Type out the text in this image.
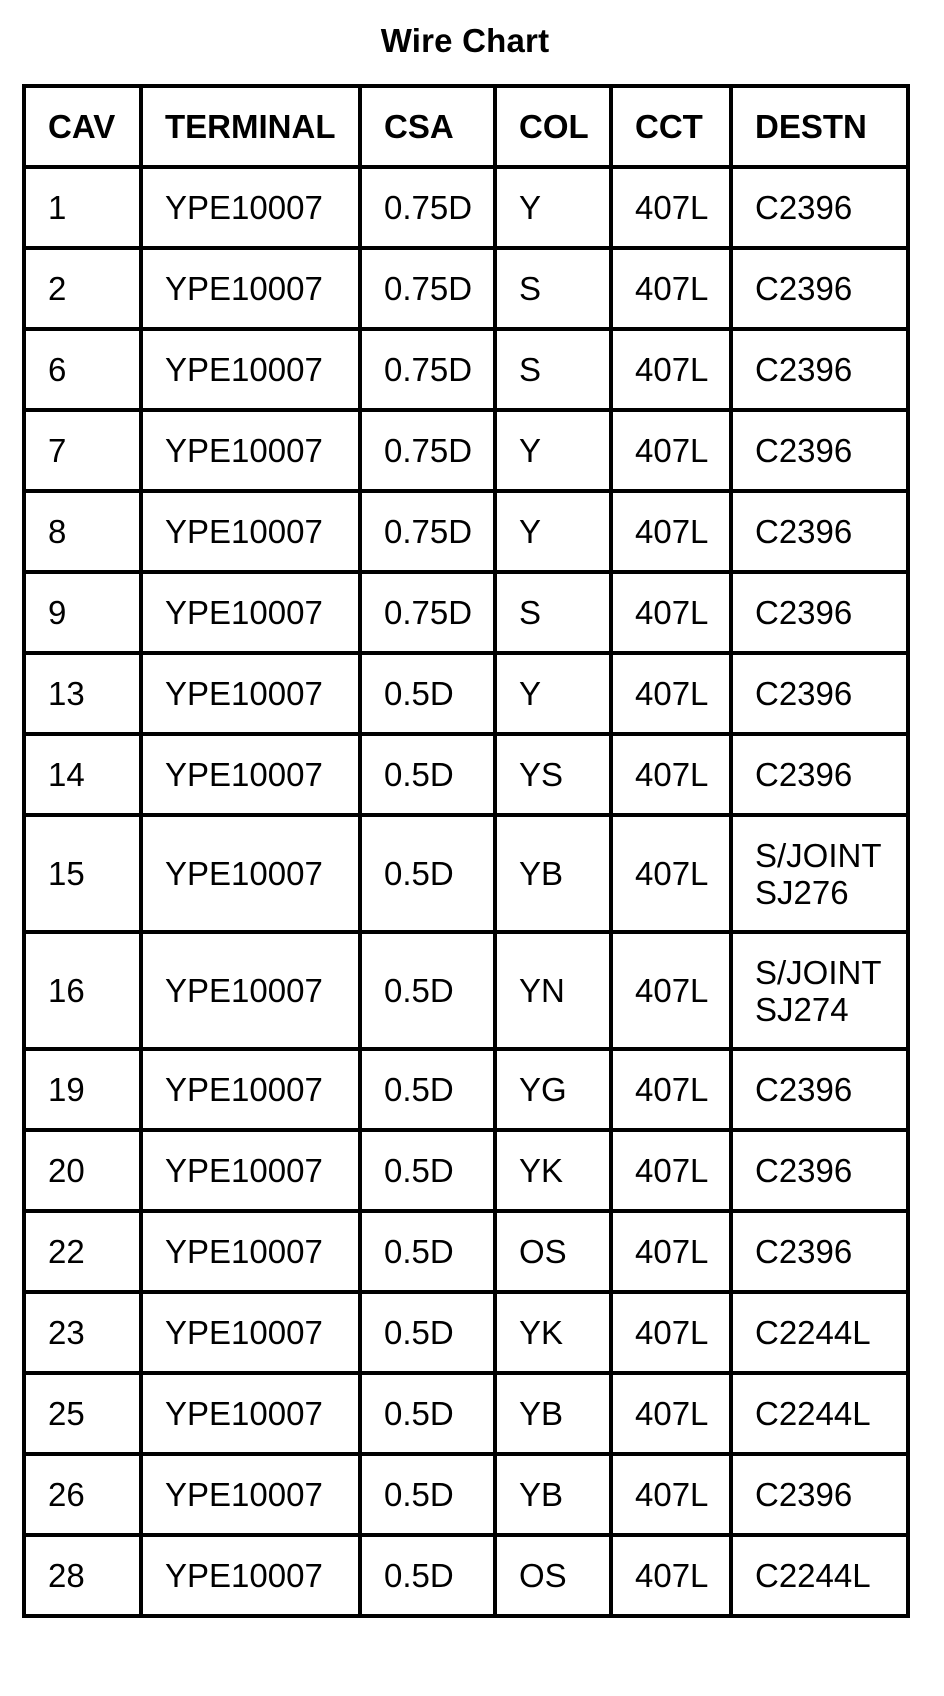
Wire Chart
CAV	TERMINAL	CSA	COL	CCT	DESTN
1	YPE10007	0.75D	Y	407L	C2396
2	YPE10007	0.75D	S	407L	C2396
6	YPE10007	0.75D	S	407L	C2396
7	YPE10007	0.75D	Y	407L	C2396
8	YPE10007	0.75D	Y	407L	C2396
9	YPE10007	0.75D	S	407L	C2396
13	YPE10007	0.5D	Y	407L	C2396
14	YPE10007	0.5D	YS	407L	C2396
15	YPE10007	0.5D	YB	407L	S/JOINT
SJ276
16	YPE10007	0.5D	YN	407L	S/JOINT
SJ274
19	YPE10007	0.5D	YG	407L	C2396
20	YPE10007	0.5D	YK	407L	C2396
22	YPE10007	0.5D	OS	407L	C2396
23	YPE10007	0.5D	YK	407L	C2244L
25	YPE10007	0.5D	YB	407L	C2244L
26	YPE10007	0.5D	YB	407L	C2396
28	YPE10007	0.5D	OS	407L	C2244L
